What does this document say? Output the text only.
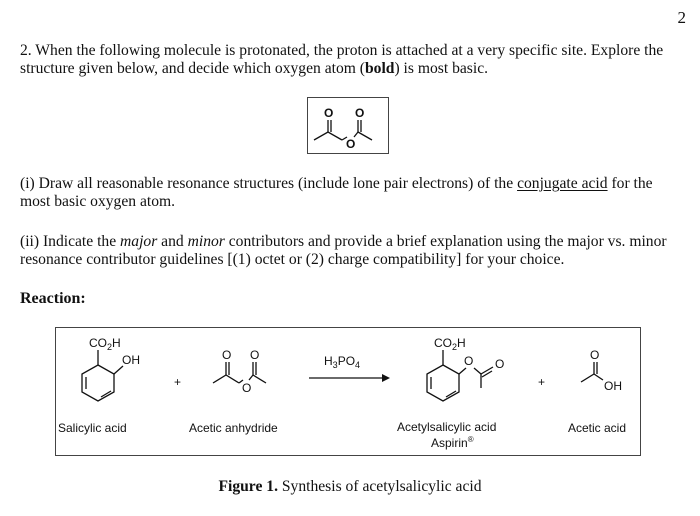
2
2. When the following molecule is protonated, the proton is attached at a very specific site. Explore the structure given below, and decide which oxygen atom (bold) is most basic.
O O
O
(i) Draw all reasonable resonance structures (include lone pair electrons) of the conjugate acid for the most basic oxygen atom.
(ii) Indicate the major and minor contributors and provide a brief explanation using the major vs. minor resonance contributor guidelines [(1) octet or (2) charge compatibility] for your choice.
Reaction:
$CO_2H$
OH
Salicylic acid
+
O O
O
Acetic anhydride
$H_3PO_4$
$CO_2H$
O O
Acetylsalicylic acid
Aspirin®
+
O
OH
Acetic acid
Figure 1. Synthesis of acetylsalicylic acid
